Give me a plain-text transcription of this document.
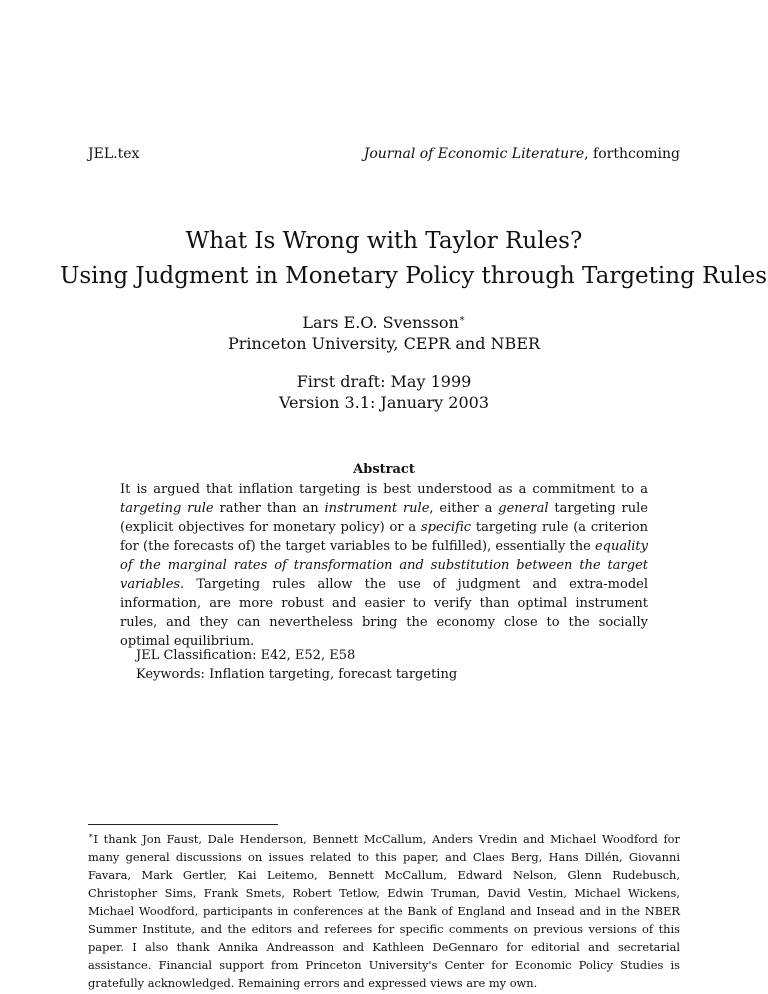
JEL.tex	Journal of Economic Literature, forthcoming
What Is Wrong with Taylor Rules?
Using Judgment in Monetary Policy through Targeting Rules
Lars E.O. Svensson∗
Princeton University, CEPR and NBER
First draft: May 1999
Version 3.1: January 2003
Abstract

It is argued that inflation targeting is best understood as a commitment to a targeting rule rather than an instrument rule, either a general targeting rule (explicit objectives for monetary policy) or a specific targeting rule (a criterion for (the forecasts of) the target variables to be fulfilled), essentially the equality of the marginal rates of transformation and substitution between the target variables. Targeting rules allow the use of judgment and extra-model information, are more robust and easier to verify than optimal instrument rules, and they can nevertheless bring the economy close to the socially optimal equilibrium.

JEL Classification: E42, E52, E58
Keywords: Inflation targeting, forecast targeting

∗I thank Jon Faust, Dale Henderson, Bennett McCallum, Anders Vredin and Michael Woodford for many general discussions on issues related to this paper, and Claes Berg, Hans Dillén, Giovanni Favara, Mark Gertler, Kai Leitemo, Bennett McCallum, Edward Nelson, Glenn Rudebusch, Christopher Sims, Frank Smets, Robert Tetlow, Edwin Truman, David Vestin, Michael Wickens, Michael Woodford, participants in conferences at the Bank of England and Insead and in the NBER Summer Institute, and the editors and referees for specific comments on previous versions of this paper. I also thank Annika Andreasson and Kathleen DeGennaro for editorial and secretarial assistance. Financial support from Princeton University's Center for Economic Policy Studies is gratefully acknowledged. Remaining errors and expressed views are my own.
